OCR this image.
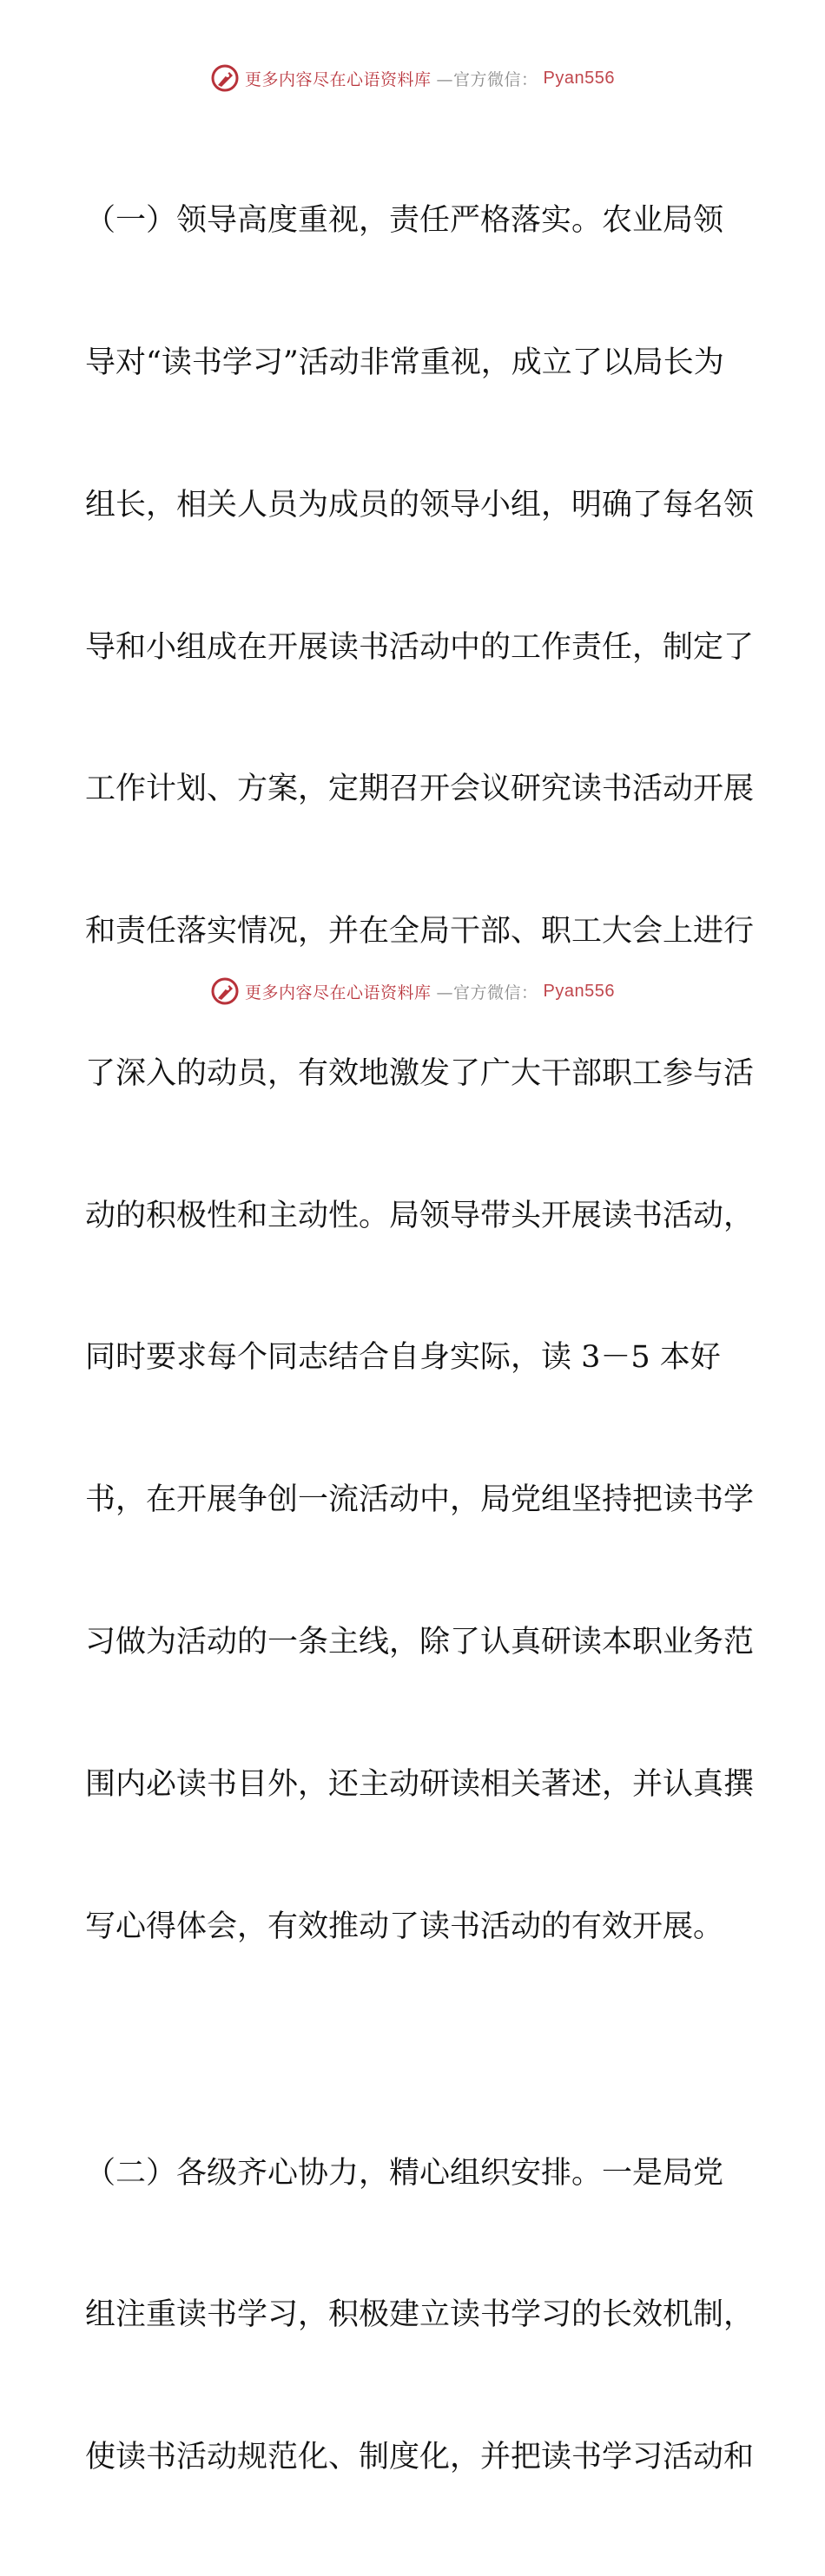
更多内容尽在心语资料库 —官方微信： Pyan556

（一）领导高度重视，责任严格落实。农业局领

导对“读书学习”活动非常重视，成立了以局长为

组长，相关人员为成员的领导小组，明确了每名领

导和小组成在开展读书活动中的工作责任，制定了

工作计划、方案，定期召开会议研究读书活动开展

和责任落实情况，并在全局干部、职工大会上进行

了深入的动员，有效地激发了广大干部职工参与活

动的积极性和主动性。局领导带头开展读书活动，

同时要求每个同志结合自身实际，读 3－5 本好

书，在开展争创一流活动中，局党组坚持把读书学

习做为活动的一条主线，除了认真研读本职业务范

围内必读书目外，还主动研读相关著述，并认真撰

写心得体会，有效推动了读书活动的有效开展。

（二）各级齐心协力，精心组织安排。一是局党

组注重读书学习，积极建立读书学习的长效机制，

使读书活动规范化、制度化，并把读书学习活动和

更多内容尽在心语资料库 —官方微信： Pyan556
